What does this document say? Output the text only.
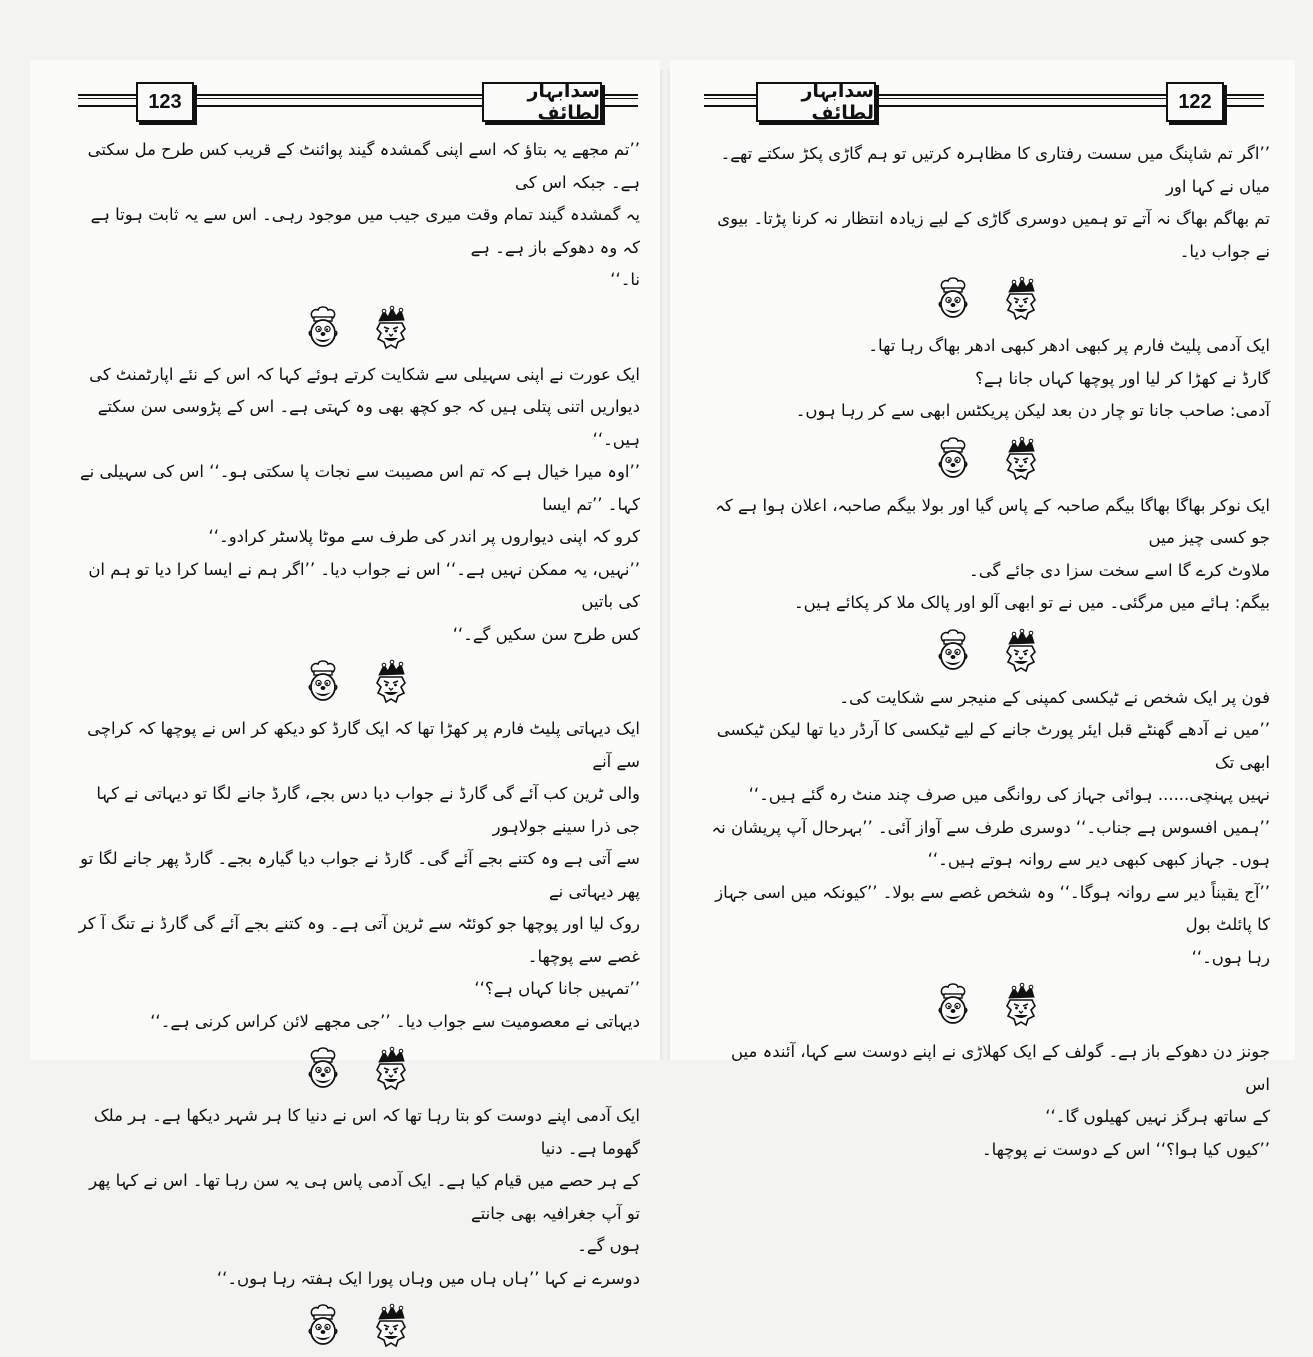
123	سدابہار لطائف
’’تم مجھے یہ بتاؤ کہ اسے اپنی گمشدہ گیند پوائنٹ کے قریب کس طرح مل سکتی ہے۔ جبکہ اس کی
یہ گمشدہ گیند تمام وقت میری جیب میں موجود رہی۔ اس سے یہ ثابت ہوتا ہے کہ وہ دھوکے باز ہے۔ ہے
نا۔‘‘
ایک عورت نے اپنی سہیلی سے شکایت کرتے ہوئے کہا کہ اس کے نئے اپارٹمنٹ کی
دیواریں اتنی پتلی ہیں کہ جو کچھ بھی وہ کہتی ہے۔ اس کے پڑوسی سن سکتے ہیں۔‘‘
’’اوہ میرا خیال ہے کہ تم اس مصیبت سے نجات پا سکتی ہو۔‘‘ اس کی سہیلی نے کہا۔ ’’تم ایسا
کرو کہ اپنی دیواروں پر اندر کی طرف سے موٹا پلاسٹر کرادو۔‘‘
’’نہیں، یہ ممکن نہیں ہے۔‘‘ اس نے جواب دیا۔ ’’اگر ہم نے ایسا کرا دیا تو ہم ان کی باتیں
کس طرح سن سکیں گے۔‘‘
ایک دیہاتی پلیٹ فارم پر کھڑا تھا کہ ایک گارڈ کو دیکھ کر اس نے پوچھا کہ کراچی سے آنے
والی ٹرین کب آئے گی گارڈ نے جواب دیا دس بجے، گارڈ جانے لگا تو دیہاتی نے کہا جی ذرا سینے جولاہور
سے آتی ہے وہ کتنے بجے آئے گی۔ گارڈ نے جواب دیا گیارہ بجے۔ گارڈ پھر جانے لگا تو پھر دیہاتی نے
روک لیا اور پوچھا جو کوئٹہ سے ٹرین آتی ہے۔ وہ کتنے بجے آئے گی گارڈ نے تنگ آ کر غصے سے پوچھا۔
’’تمہیں جانا کہاں ہے؟‘‘
دیہاتی نے معصومیت سے جواب دیا۔ ’’جی مجھے لائن کراس کرنی ہے۔‘‘
ایک آدمی اپنے دوست کو بتا رہا تھا کہ اس نے دنیا کا ہر شہر دیکھا ہے۔ ہر ملک گھوما ہے۔ دنیا
کے ہر حصے میں قیام کیا ہے۔ ایک آدمی پاس ہی یہ سن رہا تھا۔ اس نے کہا پھر تو آپ جغرافیہ بھی جانتے
ہوں گے۔
دوسرے نے کہا ’’ہاں ہاں میں وہاں پورا ایک ہفتہ رہا ہوں۔‘‘
سدابہار لطائف
122
’’اگر تم شاپنگ میں سست رفتاری کا مظاہرہ کرتیں تو ہم گاڑی پکڑ سکتے تھے۔ میاں نے کہا اور
تم بھاگم بھاگ نہ آتے تو ہمیں دوسری گاڑی کے لیے زیادہ انتظار نہ کرنا پڑتا۔ بیوی نے جواب دیا۔
ایک آدمی پلیٹ فارم پر کبھی ادھر کبھی ادھر بھاگ رہا تھا۔
گارڈ نے کھڑا کر لیا اور پوچھا کہاں جانا ہے؟
آدمی: صاحب جانا تو چار دن بعد لیکن پریکٹس ابھی سے کر رہا ہوں۔
ایک نوکر بھاگا بھاگا بیگم صاحبہ کے پاس گیا اور بولا بیگم صاحبہ، اعلان ہوا ہے کہ جو کسی چیز میں
ملاوٹ کرے گا اسے سخت سزا دی جائے گی۔
بیگم: ہائے میں مرگئی۔ میں نے تو ابھی آلو اور پالک ملا کر پکائے ہیں۔
فون پر ایک شخص نے ٹیکسی کمپنی کے منیجر سے شکایت کی۔
’’میں نے آدھے گھنٹے قبل ایئر پورٹ جانے کے لیے ٹیکسی کا آرڈر دیا تھا لیکن ٹیکسی ابھی تک
نہیں پہنچی...... ہوائی جہاز کی روانگی میں صرف چند منٹ رہ گئے ہیں۔‘‘
’’ہمیں افسوس ہے جناب۔‘‘ دوسری طرف سے آواز آئی۔ ’’بہرحال آپ پریشان نہ
ہوں۔ جہاز کبھی کبھی دیر سے روانہ ہوتے ہیں۔‘‘
’’آج یقیناً دیر سے روانہ ہوگا۔‘‘ وہ شخص غصے سے بولا۔ ’’کیونکہ میں اسی جہاز کا پائلٹ بول
رہا ہوں۔‘‘
جونز دن دھوکے باز ہے۔ گولف کے ایک کھلاڑی نے اپنے دوست سے کہا، آئندہ میں اس
کے ساتھ ہرگز نہیں کھیلوں گا۔‘‘
’’کیوں کیا ہوا؟‘‘ اس کے دوست نے پوچھا۔
